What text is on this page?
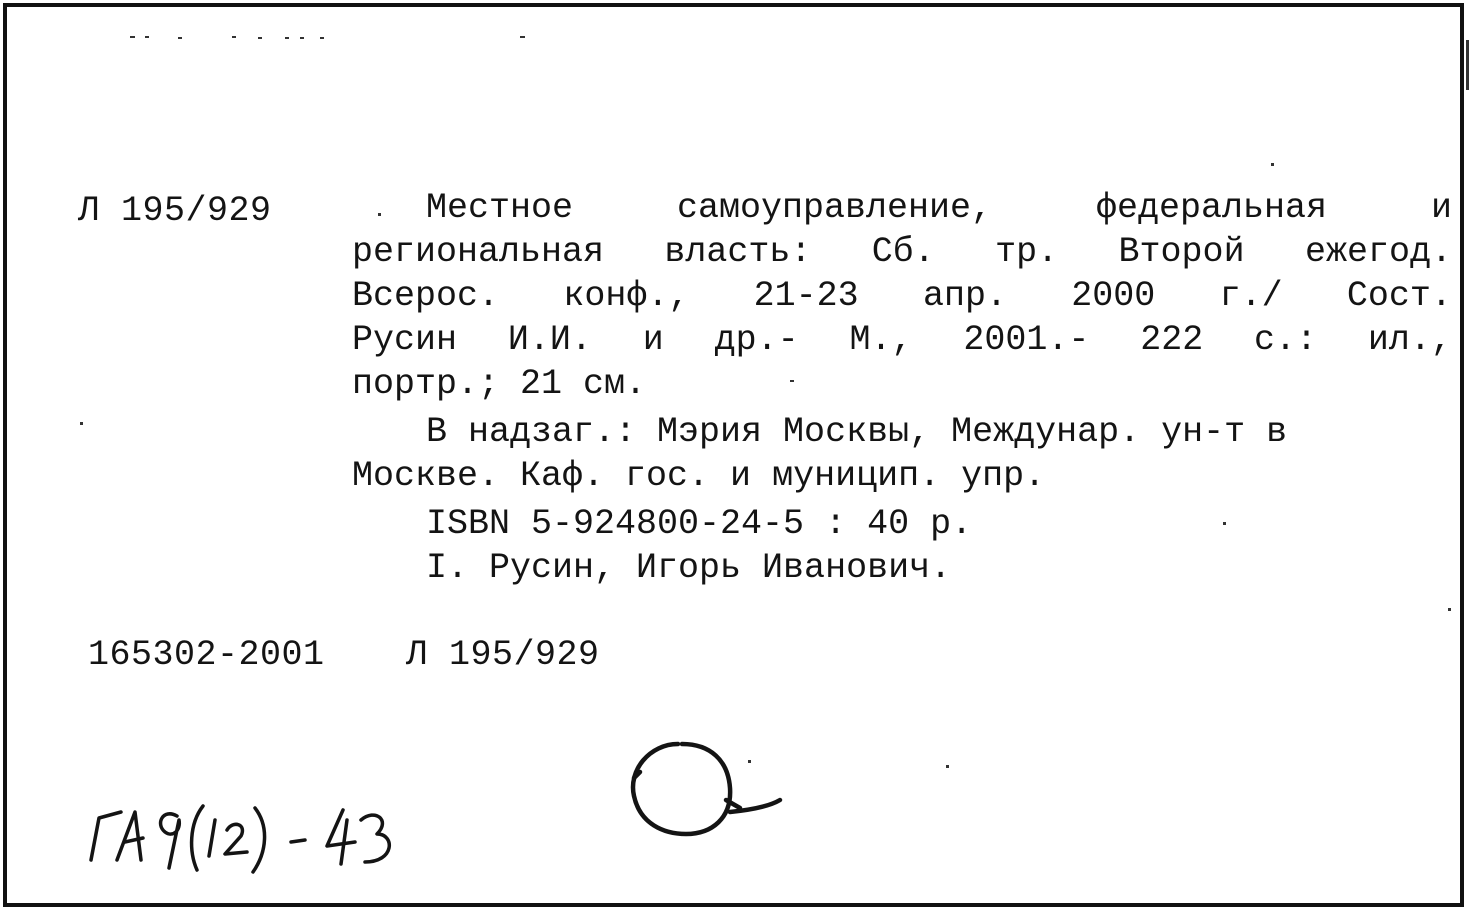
Л 195/929	Местное	самоуправление,	федеральная	и
региональная власть: Сб. тр. Второй ежегод.
Всерос. конф., 21-23 апр. 2000 г./ Сост.
Русин И.И. и др.- М., 2001.- 222 с.: ил.,
портр.; 21 см.
В надзаг.: Мэрия Москвы, Междунар. ун-т в
Москве. Каф. гос. и муницип. упр.
ISBN 5-924800-24-5 : 40 р.
I. Русин, Игорь Иванович.
165302-2001 Л 195/929
